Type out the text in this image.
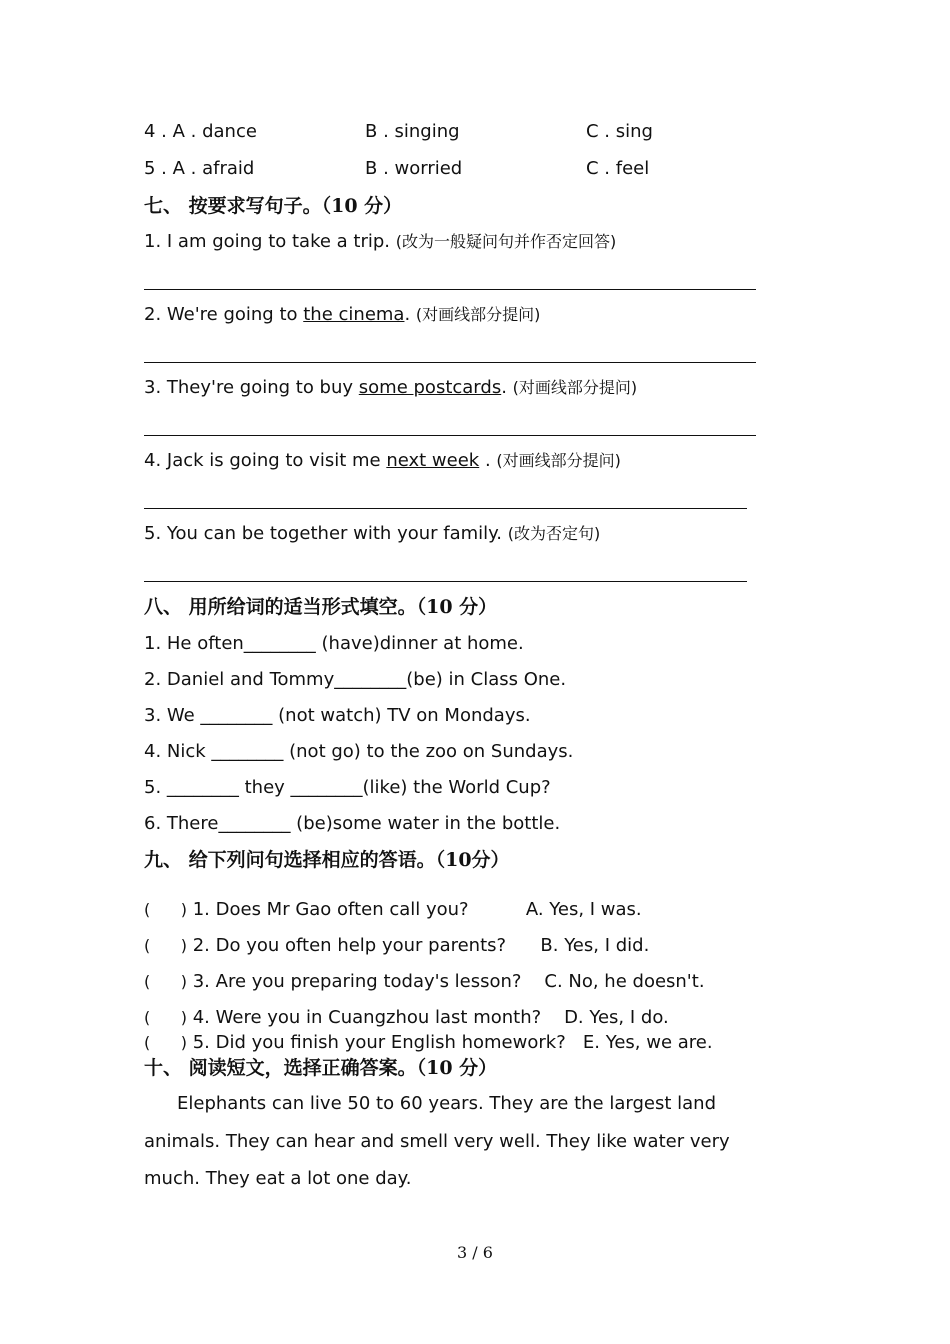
4 . A . dance	B . singing	C . sing
5 . A . afraid	B . worried	C . feel
七、 按要求写句子。（10 分）
1. I am going to take a trip. (改为一般疑问句并作否定回答)
2. We're going to the cinema. (对画线部分提问)
3. They're going to buy some postcards. (对画线部分提问)
4. Jack is going to visit me next week . (对画线部分提问)
5. You can be together with your family. (改为否定句)
八、 用所给词的适当形式填空。（10 分）
1. He often________ (have)dinner at home.
2. Daniel and Tommy________(be) in Class One.
3. We ________ (not watch) TV on Mondays.
4. Nick ________ (not go) to the zoo on Sundays.
5. ________ they ________(like) the World Cup?
6. There________ (be)some water in the bottle.
九、 给下列问句选择相应的答语。（10分）
(      ) 1. Does Mr Gao often call you?          A. Yes, I was.
(      ) 2. Do you often help your parents?      B. Yes, I did.
(      ) 3. Are you preparing today's lesson?    C. No, he doesn't.
(      ) 4. Were you in Cuangzhou last month?    D. Yes, I do.
(      ) 5. Did you finish your English homework?   E. Yes, we are.
十、 阅读短文，选择正确答案。（10 分）
Elephants can live 50 to 60 years. They are the largest land animals. They can hear and smell very well. They like water very much. They eat a lot one day.
3 / 6
